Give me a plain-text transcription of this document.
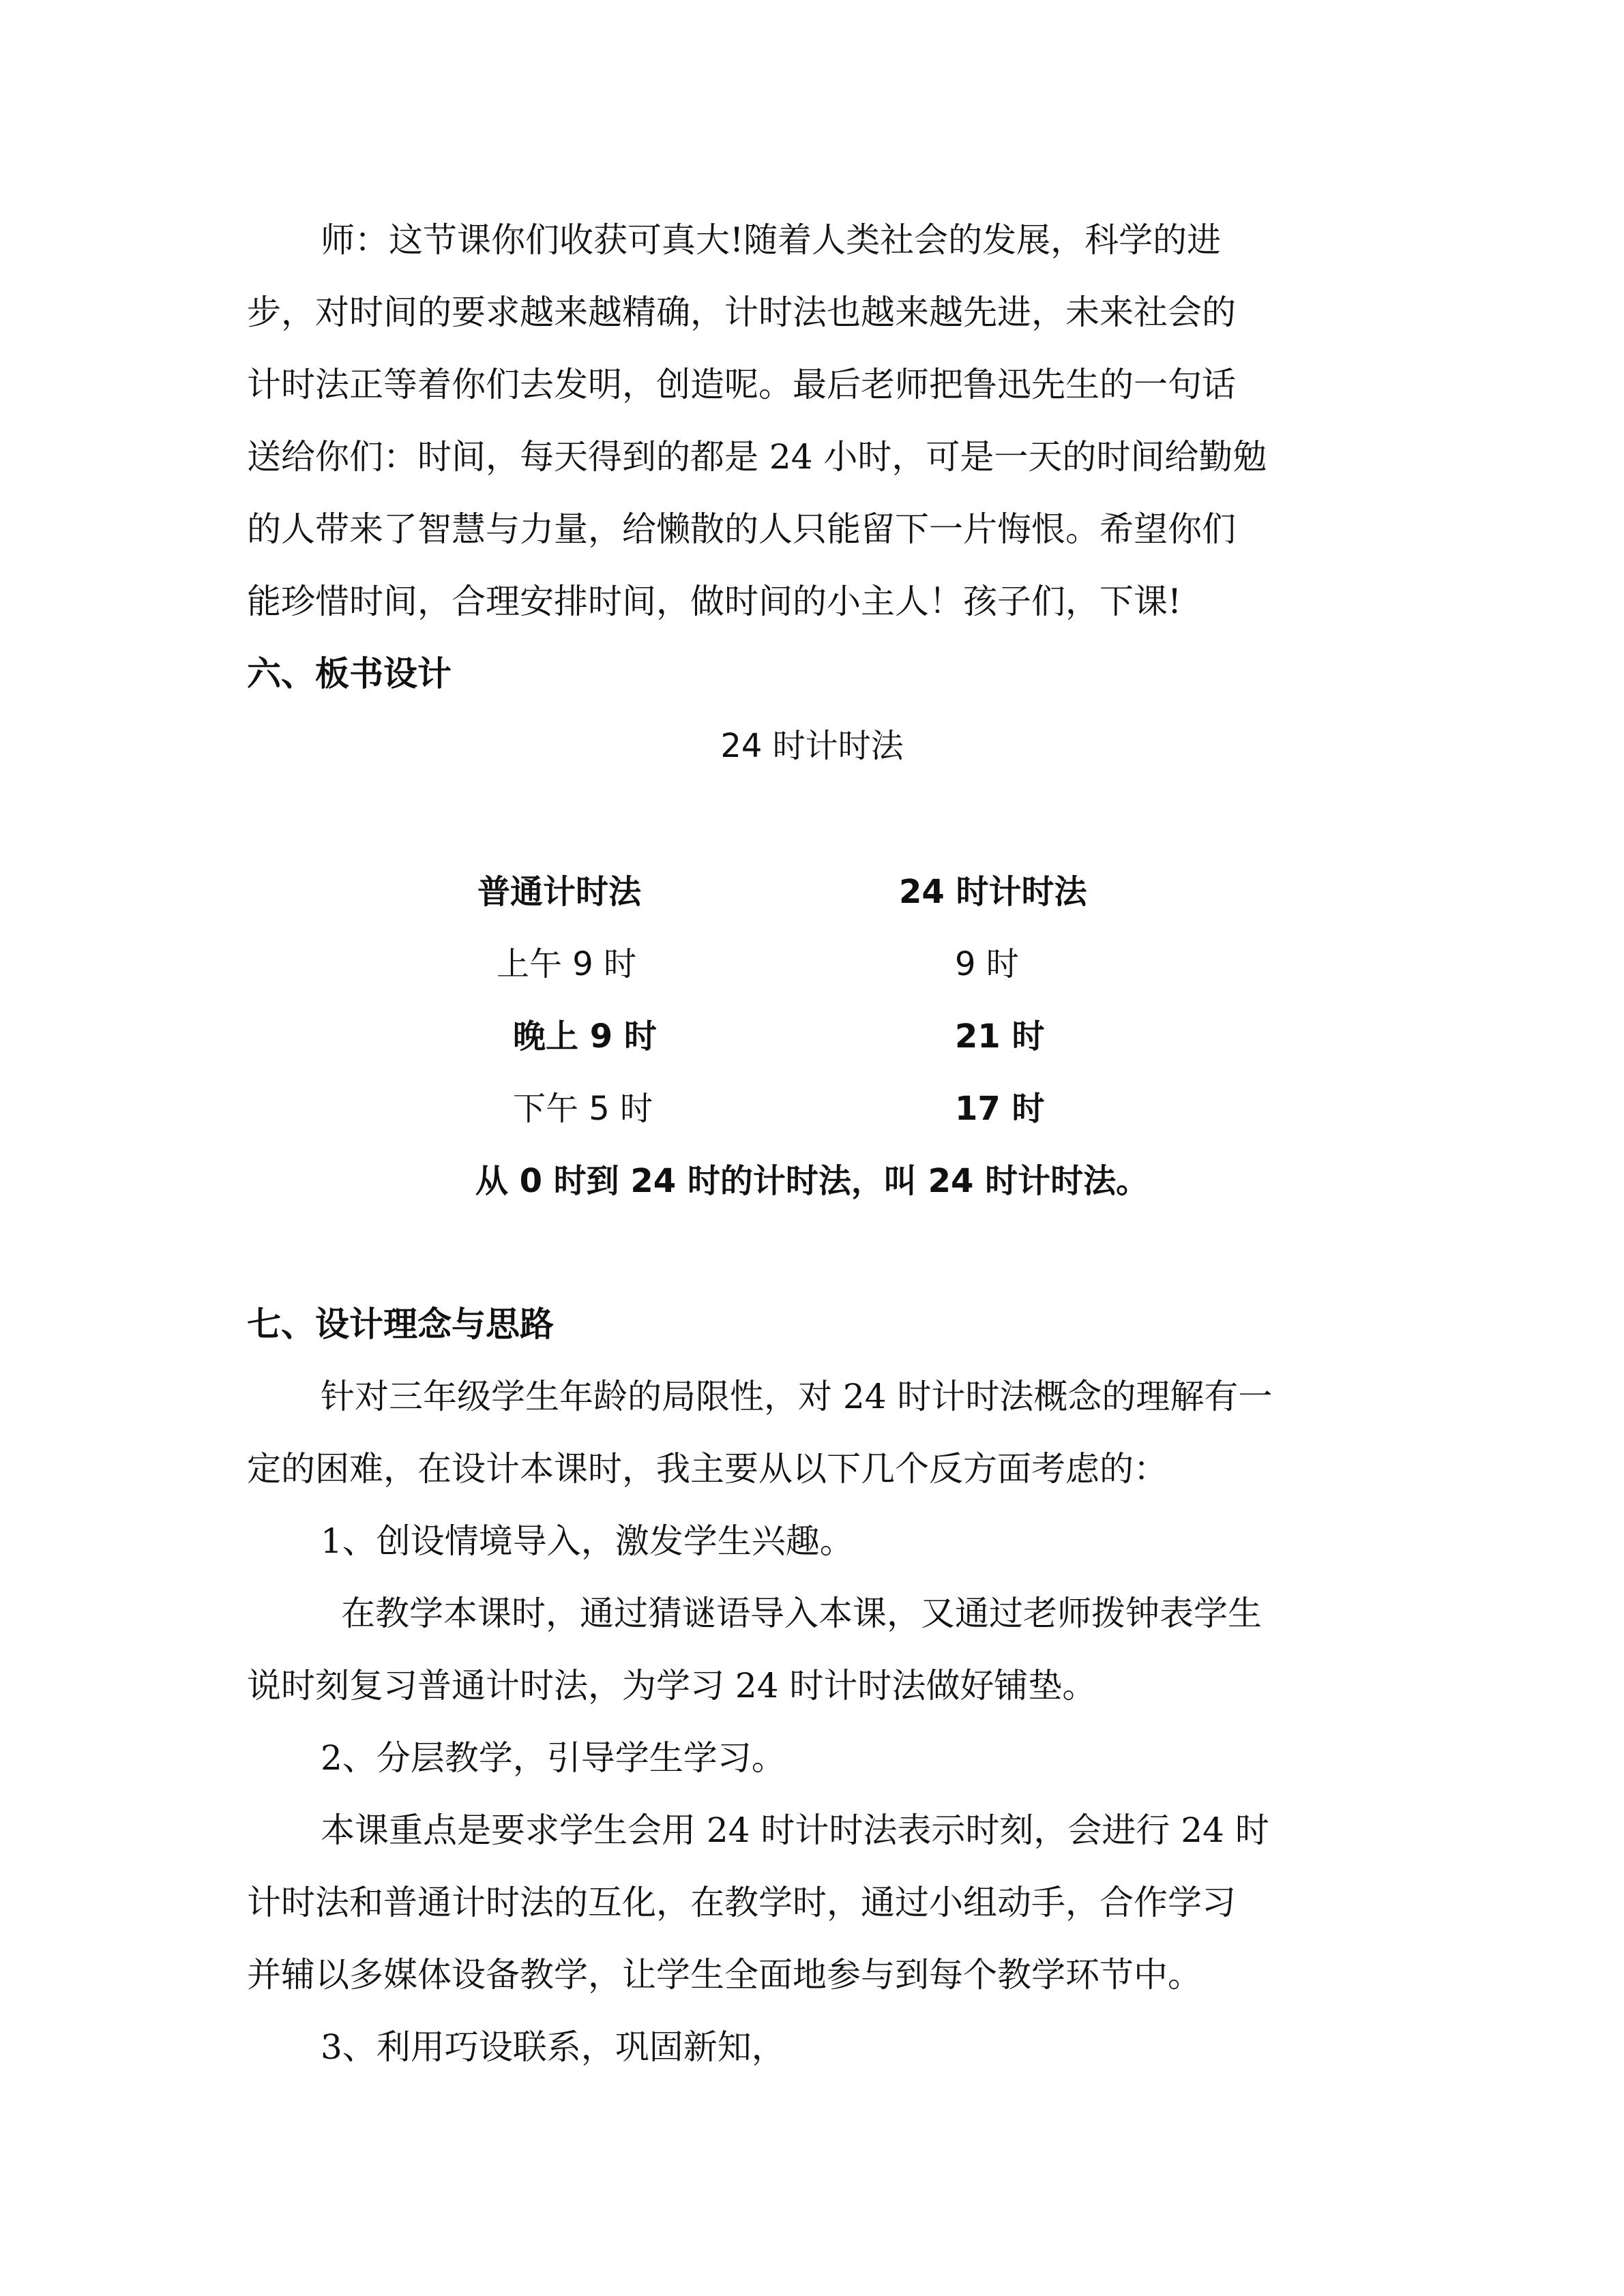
师：这节课你们收获可真大!随着人类社会的发展，科学的进
步，对时间的要求越来越精确，计时法也越来越先进，未来社会的
计时法正等着你们去发明，创造呢。最后老师把鲁迅先生的一句话
送给你们：时间，每天得到的都是 24 小时，可是一天的时间给勤勉
的人带来了智慧与力量，给懒散的人只能留下一片悔恨。希望你们
能珍惜时间，合理安排时间，做时间的小主人！孩子们，下课!
六、板书设计
24 时计时法
普通计时法	24 时计时法
上午 9 时	9 时
晚上 9 时	21 时
下午 5 时	17 时
从 0 时到 24 时的计时法，叫 24 时计时法。
七、设计理念与思路
针对三年级学生年龄的局限性，对 24 时计时法概念的理解有一
定的困难，在设计本课时，我主要从以下几个反方面考虑的：
1、创设情境导入，激发学生兴趣。
在教学本课时，通过猜谜语导入本课，又通过老师拨钟表学生
说时刻复习普通计时法，为学习 24 时计时法做好铺垫。
2、分层教学，引导学生学习。
本课重点是要求学生会用 24 时计时法表示时刻，会进行 24 时
计时法和普通计时法的互化，在教学时，通过小组动手，合作学习
并辅以多媒体设备教学，让学生全面地参与到每个教学环节中。
3、利用巧设联系，巩固新知，
